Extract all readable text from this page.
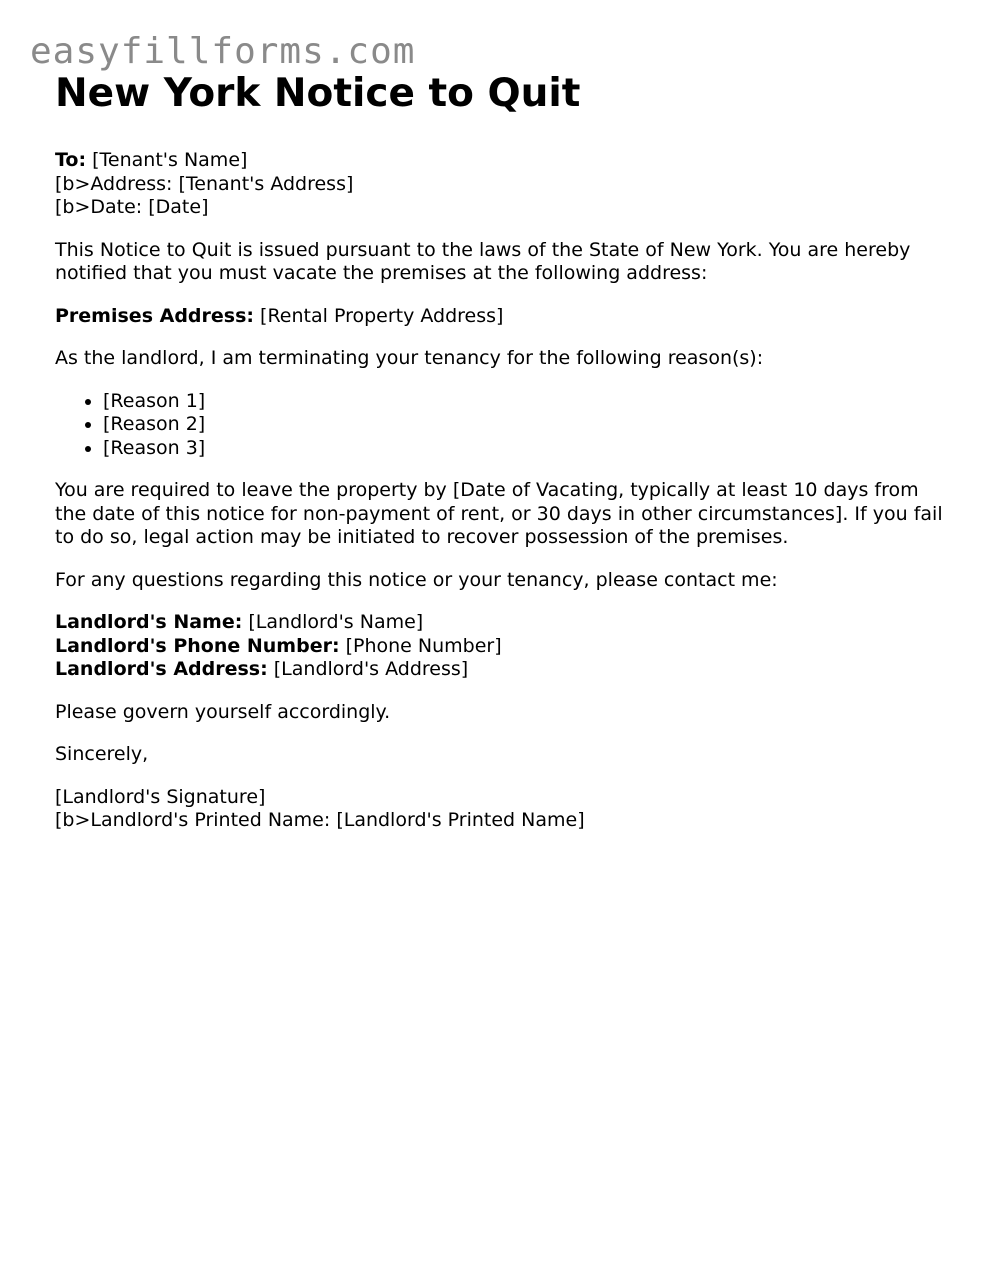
easyfillforms.com
New York Notice to Quit

To: [Tenant's Name]
[b>Address: [Tenant's Address]
[b>Date: [Date]

This Notice to Quit is issued pursuant to the laws of the State of New York. You are hereby notified that you must vacate the premises at the following address:

Premises Address: [Rental Property Address]

As the landlord, I am terminating your tenancy for the following reason(s):

• [Reason 1]
• [Reason 2]
• [Reason 3]

You are required to leave the property by [Date of Vacating, typically at least 10 days from the date of this notice for non-payment of rent, or 30 days in other circumstances]. If you fail to do so, legal action may be initiated to recover possession of the premises.

For any questions regarding this notice or your tenancy, please contact me:

Landlord's Name: [Landlord's Name]
Landlord's Phone Number: [Phone Number]
Landlord's Address: [Landlord's Address]

Please govern yourself accordingly.

Sincerely,

[Landlord's Signature]
[b>Landlord's Printed Name: [Landlord's Printed Name]
